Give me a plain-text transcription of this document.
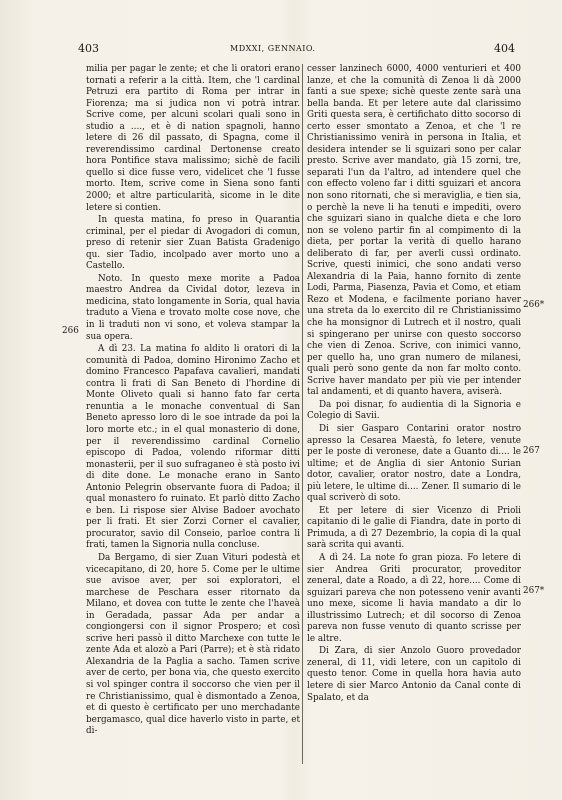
403	MDXXI, GENNAIO.	404

milia per pagar le zente; et che li oratori erano tornati a referir a la città. Item, che 'l cardinal Petruzi era partito di Roma per intrar in Fiorenza; ma si judica non vi potrà intrar. Scrive come, per alcuni scolari quali sono in studio a ...., et è di nation spagnoli, hanno letere di 26 dil passato, di Spagna, come il reverendissimo cardinal Dertonense creato hora Pontifice stava malissimo; sichè de facili quello si dice fusse vero, videlicet che 'l fusse morto. Item, scrive come in Siena sono fanti 2000; et altre particularità, sicome in le dite letere si contien.

In questa matina, fo preso in Quarantia criminal, per el piedar di Avogadori di comun, preso di retenir sier Zuan Batista Gradenigo qu. sier Tadio, incolpado aver morto uno a Castello.

Noto. In questo mexe morite a Padoa maestro Andrea da Cividal dotor, lezeva in medicina, stato longamente in Soria, qual havia traduto a Viena e trovato molte cose nove, che in li traduti non vi sono, et voleva stampar la sua opera.

A dì 23. La matina fo aldito li oratori di la comunità di Padoa, domino Hironimo Zacho et domino Francesco Papafava cavalieri, mandati contra li frati di San Beneto di l'hordine di Monte Oliveto quali si hanno fato far certa renuntia a le monache conventual di San Beneto apresso loro di le soe intrade da poi la loro morte etc.; in el qual monasterio di done, per il reverendissimo cardinal Cornelio episcopo di Padoa, volendo riformar ditti monasterii, per il suo sufraganeo è stà posto ivi di dite done. Le monache erano in Santo Antonio Pelegrin observante fuora di Padoa; il qual monastero fo ruinato. Et parlò ditto Zacho e ben. Li rispose sier Alvise Badoer avochato per li frati. Et sier Zorzi Corner el cavalier, procurator, savio dil Conseio, parloe contra li frati, tamen la Signoria nulla concluse.

Da Bergamo, di sier Zuan Vituri podestà et vicecapitano, di 20, hore 5. Come per le ultime sue avisoe aver, per soi exploratori, el marchese de Peschara esser ritornato da Milano, et dovea con tutte le zente che l'haveà in Geradada, passar Ada per andar a congiongersi con il signor Prospero; et così scrive heri passò il ditto Marchexe con tutte le zente Ada et alozò a Pari (Parre); et è stà ridato Alexandria de la Paglia a sacho. Tamen scrive aver de certo, per bona via, che questo exercito si vol spinger contra il soccorso che vien per il re Christianissimo, qual è dismontado a Zenoa, et di questo è certificato per uno merchadante bergamasco, qual dice haverlo visto in parte, et di-

cesser lanzinech 6000, 4000 venturieri et 400 lanze, et che la comunità di Zenoa li dà 2000 fanti a sue spexe; sichè queste zente sarà una bella banda. Et per letere aute dal clarissimo Griti questa sera, è certifichato ditto socorso di certo esser smontato a Zenoa, et che 'l re Christianissimo venirà in persona in Italia, et desidera intender se li sguizari sono per calar presto. Scrive aver mandato, già 15 zorni, tre, separati l'un da l'altro, ad intendere quel che con effecto voleno far i ditti sguizari et ancora non sono ritornati, che si meraviglia, e tien sia, o perchè la neve li ha tenuti e impediti, overo che sguizari siano in qualche dieta e che loro non se voleno partir fin al compimento di la dieta, per portar la verità di quello harano deliberato di far, per averli cussì ordinato. Scrive, questi inimici, che sono andati verso Alexandria di la Paia, hanno fornito di zente Lodi, Parma, Piasenza, Pavia et Como, et etiam Rezo et Modena, e facilmente poriano haver una streta da lo exercito dil re Christianissimo che ha monsignor di Lutrech et il nostro, quali si spingerano per unirse con questo soccorso che vien di Zenoa. Scrive, con inimici vanno, per quello ha, uno gran numero de milanesi, quali però sono gente da non far molto conto. Scrive haver mandato per più vie per intender tal andamenti, et di quanto havera, aviserà.

Da poi disnar, fo audientia di la Signoria e Colegio di Savii.

Di sier Gasparo Contarini orator nostro apresso la Cesarea Maestà, fo letere, venute per le poste di veronese, date a Guanto di.... le ultime; et de Anglia di sier Antonio Surian dotor, cavalier, orator nostro, date a Londra, più letere, le ultime di.... Zener. Il sumario di le qual scriverò di soto.

Et per letere di sier Vicenzo di Prioli capitanio di le galie di Fiandra, date in porto di Primuda, a dì 27 Dezembrio, la copia di la qual sarà scrita qui avanti.

A dì 24. La note fo gran pioza. Fo letere di sier Andrea Griti procurator, proveditor zeneral, date a Roado, a dì 22, hore.... Come di sguizari pareva che non potesseno venir avanti uno mexe, sicome li havia mandato a dir lo illustrissimo Lutrech; et dil socorso di Zenoa pareva non fusse venuto di quanto scrisse per le altre.

Di Zara, di sier Anzolo Guoro provedador zeneral, di 11, vidi letere, con un capitolo di questo tenor. Come in quella hora havia auto letere di sier Marco Antonio da Canal conte di Spalato, et da

266
266*
267
267*
